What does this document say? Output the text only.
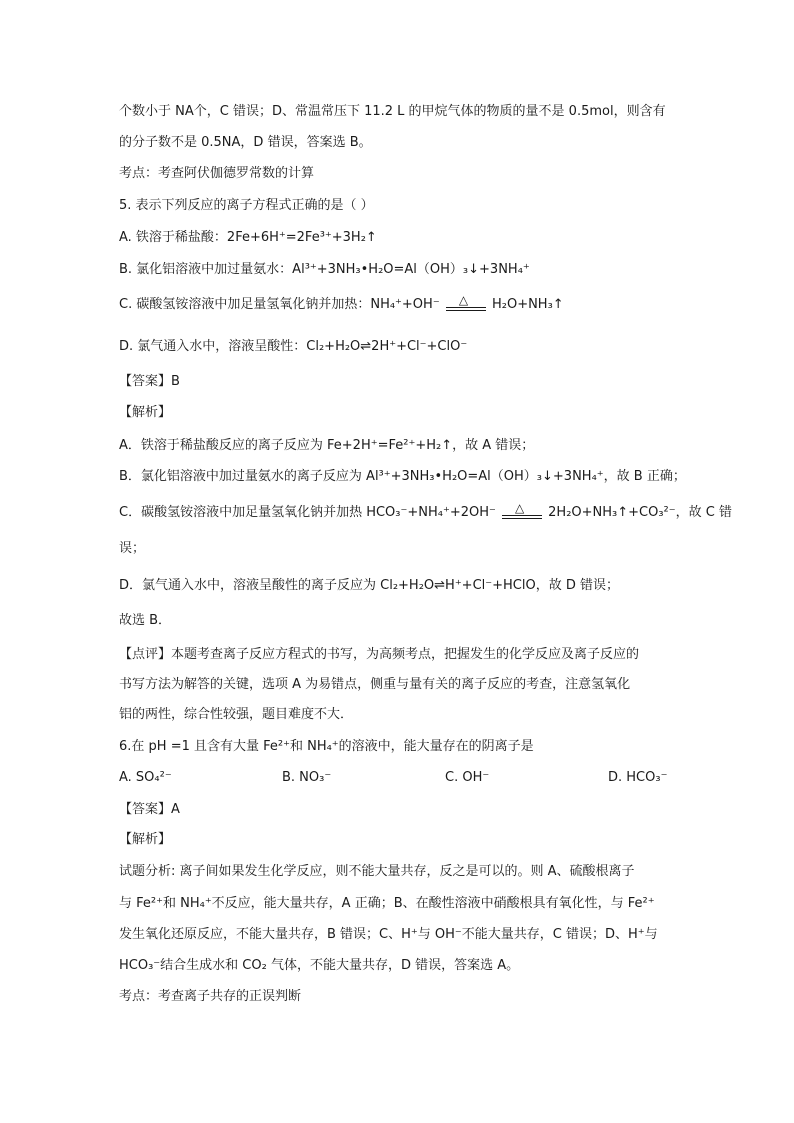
个数小于 NA个，C 错误；D、常温常压下 11.2 L 的甲烷气体的物质的量不是 0.5mol，则含有
的分子数不是 0.5NA，D 错误，答案选 B。
考点：考查阿伏伽德罗常数的计算
5. 表示下列反应的离子方程式正确的是（ ）
A. 铁溶于稀盐酸：2Fe+6H⁺=2Fe³⁺+3H₂↑
B. 氯化铝溶液中加过量氨水：Al³⁺+3NH₃•H₂O=Al（OH）₃↓+3NH₄⁺
C. 碳酸氢铵溶液中加足量氢氧化钠并加热：NH₄⁺+OH⁻ △ H₂O+NH₃↑
D. 氯气通入水中，溶液呈酸性：Cl₂+H₂O⇌2H⁺+Cl⁻+ClO⁻
【答案】B
【解析】
A．铁溶于稀盐酸反应的离子反应为 Fe+2H⁺=Fe²⁺+H₂↑，故 A 错误；
B．氯化铝溶液中加过量氨水的离子反应为 Al³⁺+3NH₃•H₂O=Al（OH）₃↓+3NH₄⁺，故 B 正确；
C．碳酸氢铵溶液中加足量氢氧化钠并加热 HCO₃⁻+NH₄⁺+2OH⁻ △ 2H₂O+NH₃↑+CO₃²⁻，故 C 错
误；
D．氯气通入水中，溶液呈酸性的离子反应为 Cl₂+H₂O⇌H⁺+Cl⁻+HClO，故 D 错误；
故选 B．
【点评】本题考查离子反应方程式的书写，为高频考点，把握发生的化学反应及离子反应的
书写方法为解答的关键，选项 A 为易错点，侧重与量有关的离子反应的考查，注意氢氧化
铝的两性，综合性较强，题目难度不大．
6.在 pH =1 且含有大量 Fe²⁺和 NH₄⁺的溶液中，能大量存在的阴离子是
A. SO₄²⁻	B. NO₃⁻	C. OH⁻	D. HCO₃⁻
【答案】A
【解析】
试题分析: 离子间如果发生化学反应，则不能大量共存，反之是可以的。则 A、硫酸根离子
与 Fe²⁺和 NH₄⁺不反应，能大量共存，A 正确；B、在酸性溶液中硝酸根具有氧化性，与 Fe²⁺
发生氧化还原反应，不能大量共存，B 错误；C、H⁺与 OH⁻不能大量共存，C 错误；D、H⁺与
HCO₃⁻结合生成水和 CO₂ 气体，不能大量共存，D 错误，答案选 A。
考点：考查离子共存的正误判断
